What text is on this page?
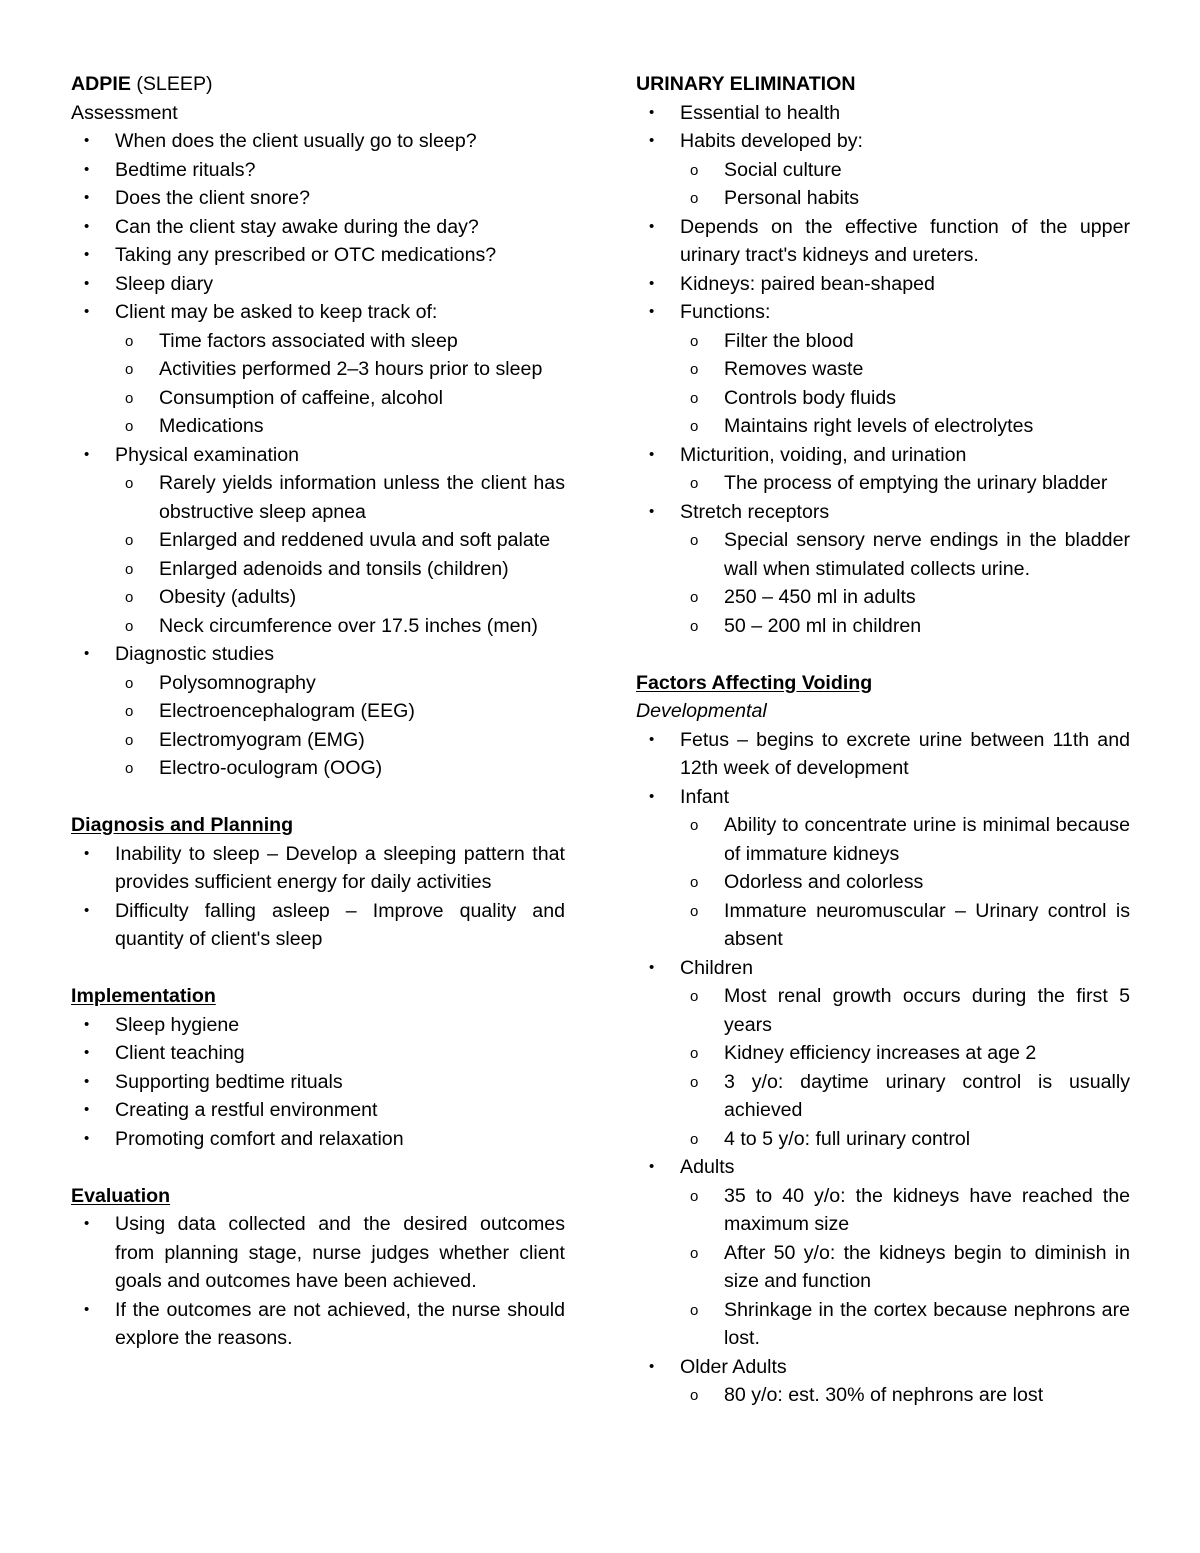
ADPIE (SLEEP)
Assessment
• When does the client usually go to sleep?
• Bedtime rituals?
• Does the client snore?
• Can the client stay awake during the day?
• Taking any prescribed or OTC medications?
• Sleep diary
• Client may be asked to keep track of:
o Time factors associated with sleep
o Activities performed 2–3 hours prior to sleep
o Consumption of caffeine, alcohol
o Medications
• Physical examination
o Rarely yields information unless the client has obstructive sleep apnea
o Enlarged and reddened uvula and soft palate
o Enlarged adenoids and tonsils (children)
o Obesity (adults)
o Neck circumference over 17.5 inches (men)
• Diagnostic studies
o Polysomnography
o Electroencephalogram (EEG)
o Electromyogram (EMG)
o Electro-oculogram (OOG)
Diagnosis and Planning
• Inability to sleep – Develop a sleeping pattern that provides sufficient energy for daily activities
• Difficulty falling asleep – Improve quality and quantity of client's sleep
Implementation
• Sleep hygiene
• Client teaching
• Supporting bedtime rituals
• Creating a restful environment
• Promoting comfort and relaxation
Evaluation
• Using data collected and the desired outcomes from planning stage, nurse judges whether client goals and outcomes have been achieved.
• If the outcomes are not achieved, the nurse should explore the reasons.
URINARY ELIMINATION
• Essential to health
• Habits developed by:
o Social culture
o Personal habits
• Depends on the effective function of the upper urinary tract's kidneys and ureters.
• Kidneys: paired bean-shaped
• Functions:
o Filter the blood
o Removes waste
o Controls body fluids
o Maintains right levels of electrolytes
• Micturition, voiding, and urination
o The process of emptying the urinary bladder
• Stretch receptors
o Special sensory nerve endings in the bladder wall when stimulated collects urine.
o 250 – 450 ml in adults
o 50 – 200 ml in children
Factors Affecting Voiding
Developmental
• Fetus – begins to excrete urine between 11th and 12th week of development
• Infant
o Ability to concentrate urine is minimal because of immature kidneys
o Odorless and colorless
o Immature neuromuscular – Urinary control is absent
• Children
o Most renal growth occurs during the first 5 years
o Kidney efficiency increases at age 2
o 3 y/o: daytime urinary control is usually achieved
o 4 to 5 y/o: full urinary control
• Adults
o 35 to 40 y/o: the kidneys have reached the maximum size
o After 50 y/o: the kidneys begin to diminish in size and function
o Shrinkage in the cortex because nephrons are lost.
• Older Adults
o 80 y/o: est. 30% of nephrons are lost
